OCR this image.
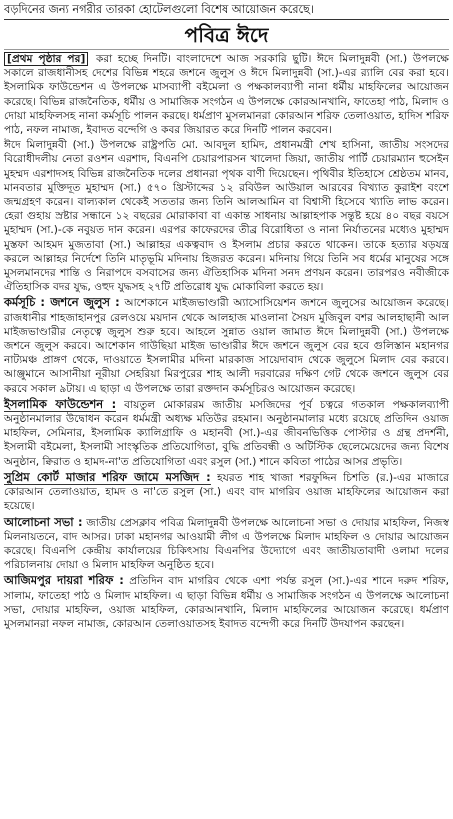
বড়দিনের জন্য নগরীর তারকা হোটেলগুলো বিশেষ আয়োজন করেছে।
পবিত্র ঈদে

[প্রথম পৃষ্ঠার পর] করা হচ্ছে দিনটি। বাংলাদেশে আজ সরকারি ছুটি। ঈদে মিলাদুন্নবী (সা.) উপলক্ষে সকালে রাজধানীসহ দেশের বিভিন্ন শহরে জশনে জুলুস ও ঈদে মিলাদুন্নবী (সা.)-এর র‌্যালি বের করা হবে। ইসলামিক ফাউন্ডেশন এ উপলক্ষে মাসব্যাপী বইমেলা ও পক্ষকালব্যাপী নানা ধর্মীয় মাহফিলের আয়োজন করেছে। বিভিন্ন রাজনৈতিক, ধর্মীয় ও সামাজিক সংগঠন এ উপলক্ষে কোরআনখানি, ফাতেহা পাঠ, মিলাদ ও দোয়া মাহফিলসহ নানা কর্মসূচি পালন করছে। ধর্মপ্রাণ মুসলমানরা কোরআন শরিফ তেলাওয়াত, হাদিস শরিফ পাঠ, নফল নামাজ, ইবাদত বন্দেগি ও কবর জিয়ারত করে দিনটি পালন করবেন।

ঈদে মিলাদুন্নবী (সা.) উপলক্ষে রাষ্ট্রপতি মো. আবদুল হামিদ, প্রধানমন্ত্রী শেখ হাসিনা, জাতীয় সংসদের বিরোধীদলীয় নেতা রওশন এরশাদ, বিএনপি চেয়ারপারসন খালেদা জিয়া, জাতীয় পার্টি চেয়ারম্যান হুসেইন মুহম্মদ এরশাদসহ বিভিন্ন রাজনৈতিক দলের প্রধানরা পৃথক বাণী দিয়েছেন। পৃথিবীর ইতিহাসে শ্রেষ্ঠতম মানব, মানবতার মুক্তিদূত মুহাম্মদ (সা.) ৫৭০ খ্রিস্টাব্দের ১২ রবিউল আউয়াল আরবের বিখ্যাত কুরাইশ বংশে জন্মগ্রহণ করেন। বাল্যকাল থেকেই সততার জন্য তিনি আলআমিন বা বিশ্বাসী হিসেবে খ্যাতি লাভ করেন। হেরা গুহায় স্রষ্টার সন্ধানে ১২ বছরের মোরাকাবা বা একান্ত সাধনায় আল্লাহপাক সন্তুষ্ট হয়ে ৪০ বছর বয়সে মুহাম্মদ (সা.)-কে নবুয়ত দান করেন। এরপর কাফেরদের তীব্র বিরোধিতা ও নানা নির্যাতনের মধ্যেও মুহাম্মদ মুস্তফা আহমদ মুজতাবা (সা.) আল্লাহর একত্ববাদ ও ইসলাম প্রচার করতে থাকেন। তাকে হত্যার ষড়যন্ত্র করলে আল্লাহর নির্দেশে তিনি মাতৃভূমি মদিনায় হিজরত করেন। মদিনায় গিয়ে তিনি সব ধর্মের মানুষের সঙ্গে মুসলমানদের শান্তি ও নিরাপদে বসবাসের জন্য ঐতিহাসিক মদিনা সনদ প্রণয়ন করেন। তারপরও নবীজীকে ঐতিহাসিক বদর যুদ্ধ, ওহুদ যুদ্ধসহ ২৭টি প্রতিরোধ যুদ্ধ মোকাবিলা করতে হয়।

কর্মসূচি : জশনে জুলুস : আশেকানে মাইজভাণ্ডারী অ্যাসোসিয়েশন জশনে জুলুসের আয়োজন করেছে। রাজধানীর শাহজাহানপুর রেলওয়ে ময়দান থেকে আলহাজ মাওলানা সৈয়দ মুজিবুল বশর আলহাছানী আল মাইজভাণ্ডারীর নেতৃত্বে জুলুস শুরু হবে। আহলে সুন্নাত ওয়াল জামাত ঈদে মিলাদুন্নবী (সা.) উপলক্ষে জশনে জুলুস করবে। আশেকান গাউছিয়া মাইজ ভাণ্ডারীর ঈদে জশনে জুলুস বের হবে গুলিস্তান মহানগর নাট্যমঞ্চ প্রাঙ্গণ থেকে, দাওয়াতে ইসলামীর মদিনা মারকাজ সায়েদাবাদ থেকে জুলুসে মিলাদ বের করবে। আঞ্জুমানে আসানীয়া নূরীয়া সেহরিয়া মিরপুরের শাহ আলী দরবারের দক্ষিণ গেট থেকে জশনে জুলুস বের করবে সকাল ৯টায়। এ ছাড়া এ উপলক্ষে তারা রক্তদান কর্মসূচিরও আয়োজন করেছে।

ইসলামিক ফাউন্ডেশন : বায়তুল মোকাররম জাতীয় মসজিদের পূর্ব চত্বরে গতকাল পক্ষকালব্যাপী অনুষ্ঠানমালার উদ্বোধন করেন ধর্মমন্ত্রী অধ্যক্ষ মতিউর রহমান। অনুষ্ঠানমালার মধ্যে রয়েছে প্রতিদিন ওয়াজ মাহফিল, সেমিনার, ইসলামিক ক্যালিগ্রাফি ও মহানবী (সা.)-এর জীবনভিত্তিক পোস্টার ও গ্রন্থ প্রদর্শনী, ইসলামী বইমেলা, ইসলামী সাংস্কৃতিক প্রতিযোগিতা, বুদ্ধি প্রতিবন্ধী ও অটিস্টিক ছেলেমেয়েদের জন্য বিশেষ অনুষ্ঠান, ক্বিরাত ও হামদ-না'ত প্রতিযোগিতা এবং রসুল (সা.) শানে কবিতা পাঠের আসর প্রভৃতি।

সুপ্রিম কোর্ট মাজার শরিফ জামে মসজিদ : হযরত শাহ খাজা শরফুদ্দিন চিশতি (র.)-এর মাজারে কোরআন তেলাওয়াত, হামদ ও না'তে রসুল (সা.) এবং বাদ মাগরিব ওয়াজ মাহফিলের আয়োজন করা হয়েছে।

আলোচনা সভা : জাতীয় প্রেসক্লাব পবিত্র মিলাদুন্নবী উপলক্ষে আলোচনা সভা ও দোয়ার মাহফিল, নিজস্ব মিলনায়তনে, বাদ আসর। ঢাকা মহানগর আওয়ামী লীগ এ উপলক্ষে মিলাদ মাহফিল ও দোয়ার আয়োজন করেছে। বিএনপি কেন্দ্রীয় কার্যালয়ের চিকিৎসায় বিএনপির উদ্যোগে এবং জাতীয়তাবাদী ওলামা দলের পরিচালনায় দোয়া ও মিলাদ মাহফিল অনুষ্ঠিত হবে।

আজিমপুর দায়রা শরিফ : প্রতিদিন বাদ মাগরিব থেকে এশা পর্যন্ত রসুল (সা.)-এর শানে দরুদ শরিফ, সালাম, ফাতেহা পাঠ ও মিলাদ মাহফিল। এ ছাড়া বিভিন্ন ধর্মীয় ও সামাজিক সংগঠন এ উপলক্ষে আলোচনা সভা, দোয়ার মাহফিল, ওয়াজ মাহফিল, কোরআনখানি, মিলাদ মাহফিলের আয়োজন করেছে। ধর্মপ্রাণ মুসলমানরা নফল নামাজ, কোরআন তেলাওয়াতসহ ইবাদত বন্দেগী করে দিনটি উদযাপন করছেন।
